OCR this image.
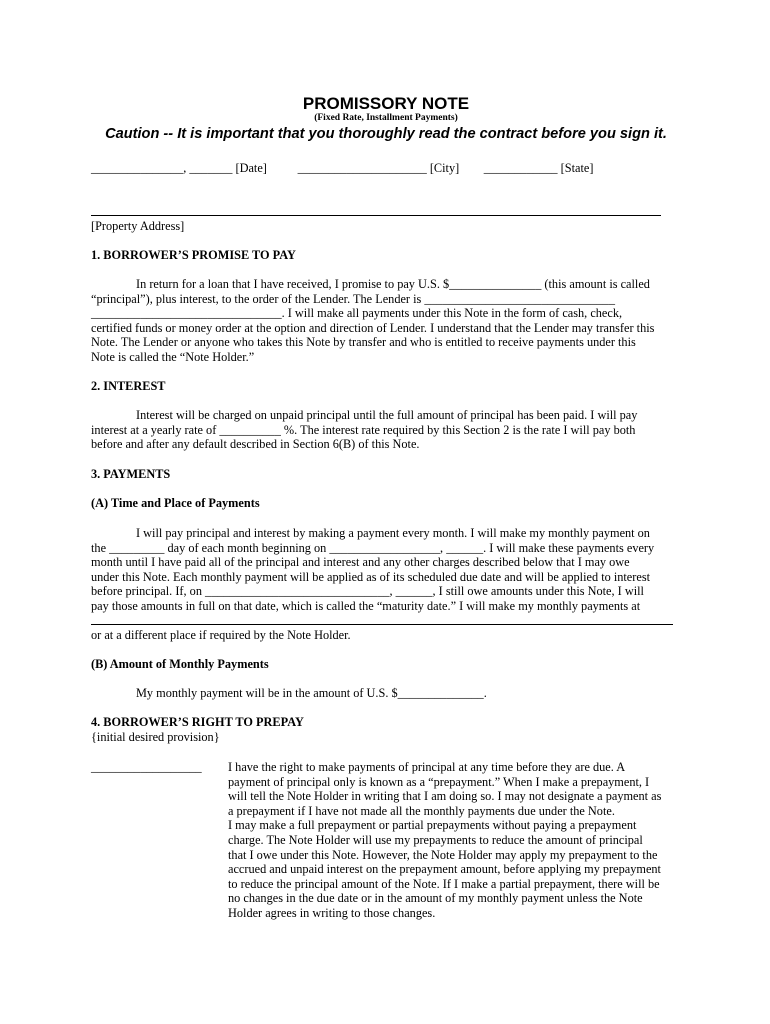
PROMISSORY NOTE
(Fixed Rate, Installment Payments)
Caution -- It is important that you thoroughly read the contract before you sign it.
_______________, _______ [Date]          _____________________ [City]        ____________ [State]
[Property Address]
1. BORROWER’S PROMISE TO PAY
In return for a loan that I have received, I promise to pay U.S. $_______________ (this amount is called
“principal”), plus interest, to the order of the Lender. The Lender is _______________________________
_______________________________. I will make all payments under this Note in the form of cash, check,
certified funds or money order at the option and direction of Lender. I understand that the Lender may transfer this
Note. The Lender or anyone who takes this Note by transfer and who is entitled to receive payments under this
Note is called the “Note Holder.”
2. INTEREST
Interest will be charged on unpaid principal until the full amount of principal has been paid. I will pay
interest at a yearly rate of __________ %. The interest rate required by this Section 2 is the rate I will pay both
before and after any default described in Section 6(B) of this Note.
3. PAYMENTS
(A) Time and Place of Payments
I will pay principal and interest by making a payment every month. I will make my monthly payment on
the _________ day of each month beginning on __________________, ______. I will make these payments every
month until I have paid all of the principal and interest and any other charges described below that I may owe
under this Note. Each monthly payment will be applied as of its scheduled due date and will be applied to interest
before principal. If, on ______________________________, ______, I still owe amounts under this Note, I will
pay those amounts in full on that date, which is called the “maturity date.” I will make my monthly payments at
or at a different place if required by the Note Holder.
(B) Amount of Monthly Payments
My monthly payment will be in the amount of U.S. $______________.
4. BORROWER’S RIGHT TO PREPAY
{initial desired provision}
__________________ I have the right to make payments of principal at any time before they are due. A
payment of principal only is known as a “prepayment.” When I make a prepayment, I
will tell the Note Holder in writing that I am doing so. I may not designate a payment as
a prepayment if I have not made all the monthly payments due under the Note.
I may make a full prepayment or partial prepayments without paying a prepayment
charge. The Note Holder will use my prepayments to reduce the amount of principal
that I owe under this Note. However, the Note Holder may apply my prepayment to the
accrued and unpaid interest on the prepayment amount, before applying my prepayment
to reduce the principal amount of the Note. If I make a partial prepayment, there will be
no changes in the due date or in the amount of my monthly payment unless the Note
Holder agrees in writing to those changes.
